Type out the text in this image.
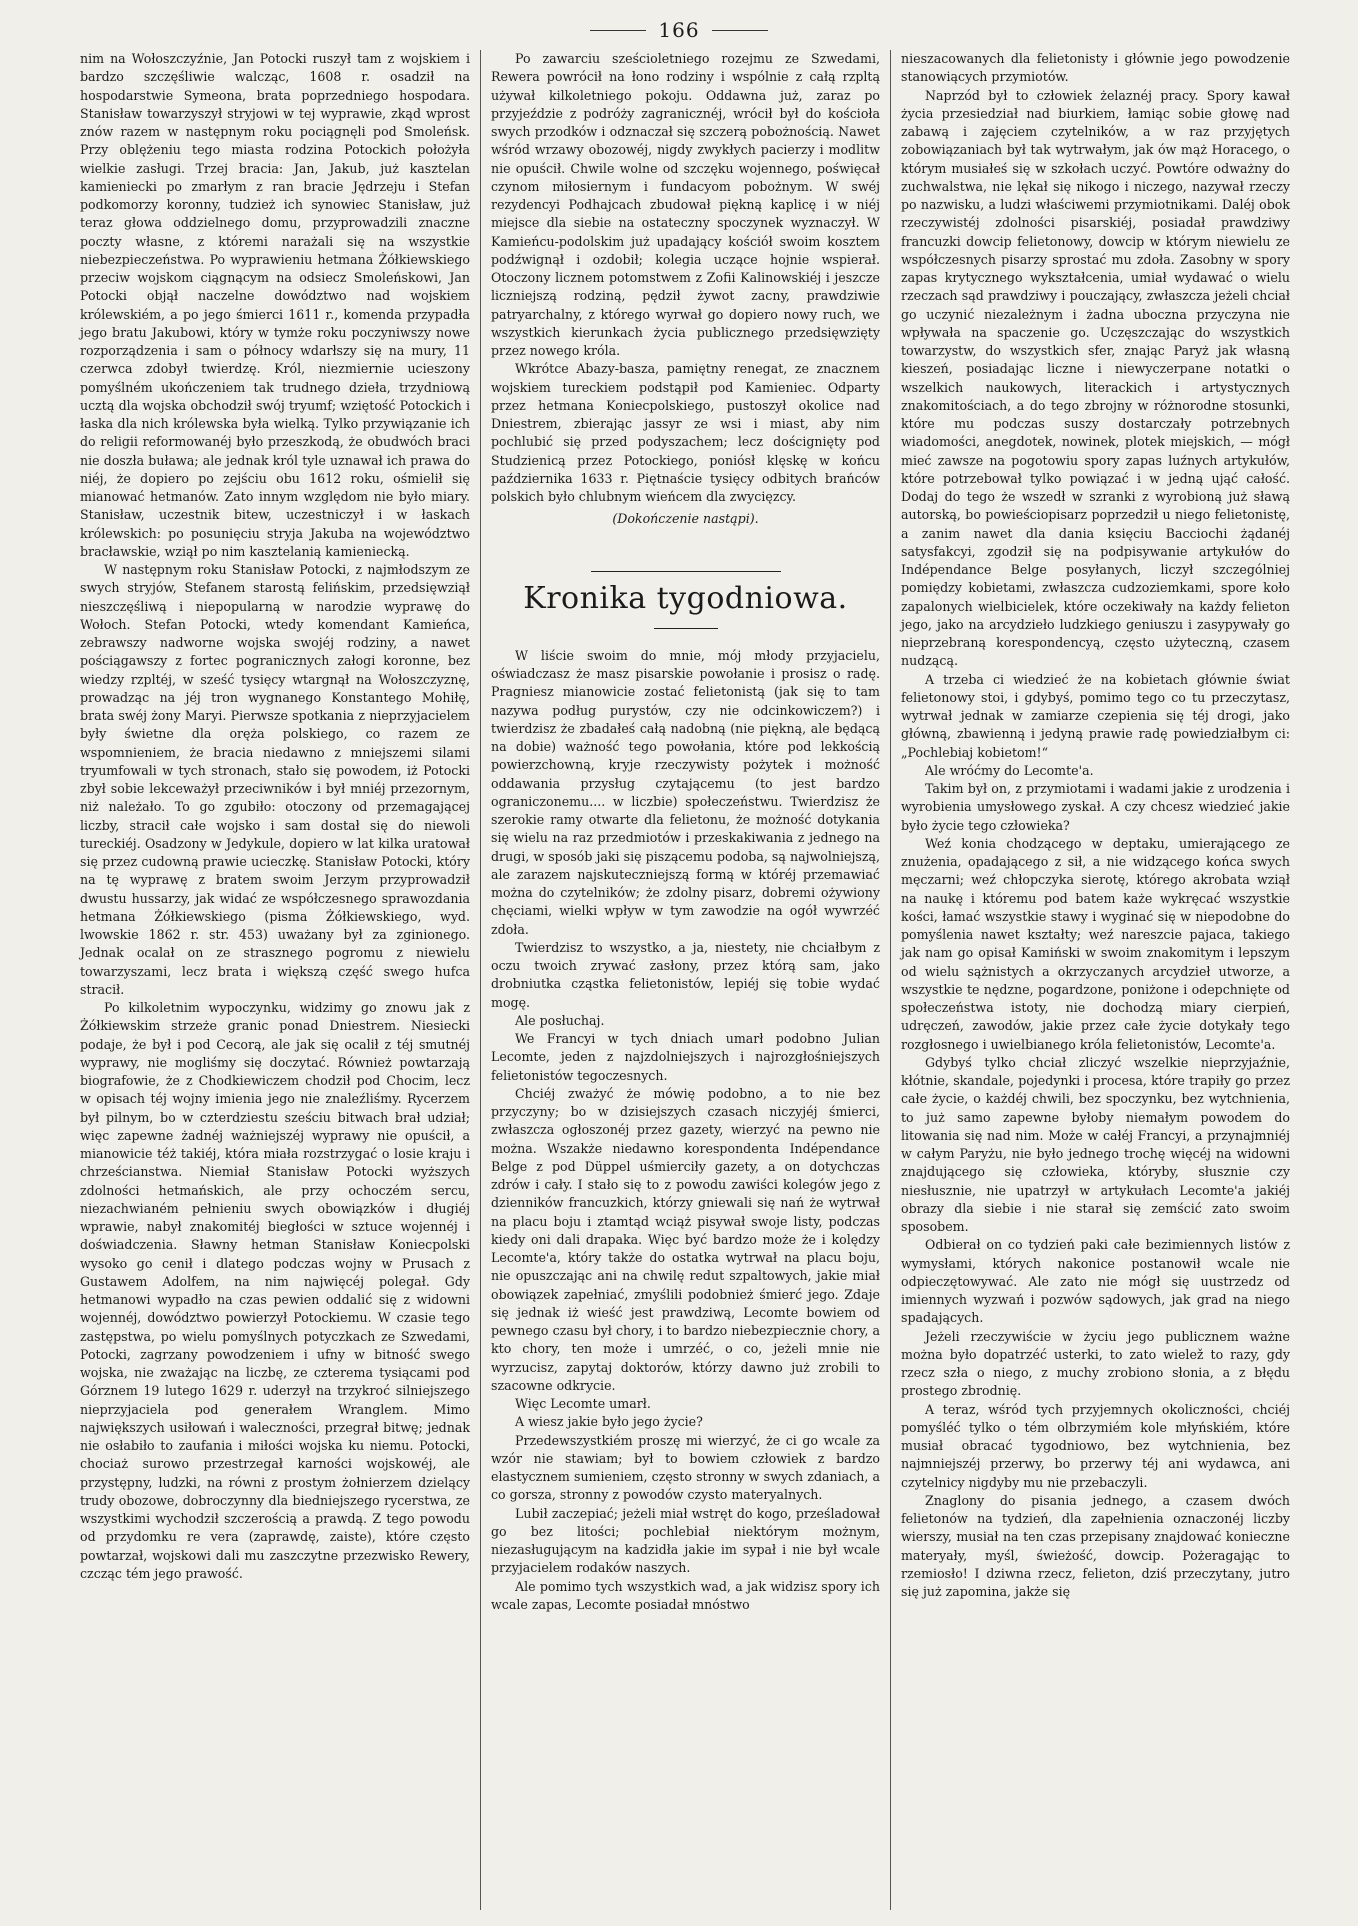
166

nim na Wołoszczyźnie, Jan Potocki ruszył tam z wojskiem i bardzo szczęśliwie walcząc, 1608 r. osadził na hospodarstwie Symeona, brata poprzedniego hospodara. Stanisław towarzyszył stryjowi w tej wyprawie, zkąd wprost znów razem w następnym roku pociągnęli pod Smoleńsk. Przy oblężeniu tego miasta rodzina Potockich położyła wielkie zasługi. Trzej bracia: Jan, Jakub, już kasztelan kamieniecki po zmarłym z ran bracie Jędrzeju i Stefan podkomorzy koronny, tudzież ich synowiec Stanisław, już teraz głowa oddzielnego domu, przyprowadzili znaczne poczty własne, z któremi narażali się na wszystkie niebezpieczeństwa. Po wyprawieniu hetmana Żółkiewskiego przeciw wojskom ciągnącym na odsiecz Smoleńskowi, Jan Potocki objął naczelne dowództwo nad wojskiem królewskiém, a po jego śmierci 1611 r., komenda przypadła jego bratu Jakubowi, który w tymże roku poczyniwszy nowe rozporządzenia i sam o północy wdarłszy się na mury, 11 czerwca zdobył twierdzę. Król, niezmiernie ucieszony pomyślném ukończeniem tak trudnego dzieła, trzydniową ucztą dla wojska obchodził swój tryumf; wziętość Potockich i łaska dla nich królewska była wielką. Tylko przywiązanie ich do religii reformowanéj było przeszkodą, że obudwóch braci nie doszła buława; ale jednak król tyle uznawał ich prawa do niéj, że dopiero po zejściu obu 1612 roku, ośmielił się mianować hetmanów. Zato innym względom nie było miary. Stanisław, uczestnik bitew, uczestniczył i w łaskach królewskich: po posunięciu stryja Jakuba na województwo bracławskie, wziął po nim kasztelanią kamieniecką.

W następnym roku Stanisław Potocki, z najmłodszym ze swych stryjów, Stefanem starostą felińskim, przedsięwziął nieszczęśliwą i niepopularną w narodzie wyprawę do Wołoch. Stefan Potocki, wtedy komendant Kamieńca, zebrawszy nadworne wojska swojéj rodziny, a nawet pościągawszy z fortec pogranicznych załogi koronne, bez wiedzy rzpltéj, w sześć tysięcy wtargnął na Wołoszczyznę, prowadząc na jéj tron wygnanego Konstantego Mohiłę, brata swéj żony Maryi. Pierwsze spotkania z nieprzyjacielem były świetne dla oręża polskiego, co razem ze wspomnieniem, że bracia niedawno z mniejszemi silami tryumfowali w tych stronach, stało się powodem, iż Potocki zbył sobie lekceważył przeciwników i był mniéj przezornym, niż należało. To go zgubiło: otoczony od przemagającej liczby, stracił całe wojsko i sam dostał się do niewoli tureckiéj. Osadzony w Jedykule, dopiero w lat kilka uratował się przez cudowną prawie ucieczkę. Stanisław Potocki, który na tę wyprawę z bratem swoim Jerzym przyprowadził dwustu hussarzy, jak widać ze współczesnego sprawozdania hetmana Żółkiewskiego (pisma Żółkiewskiego, wyd. lwowskie 1862 r. str. 453) uważany był za zginionego. Jednak ocalał on ze strasznego pogromu z niewielu towarzyszami, lecz brata i większą część swego hufca stracił.

Po kilkoletnim wypoczynku, widzimy go znowu jak z Żółkiewskim strzeże granic ponad Dniestrem. Niesiecki podaje, że był i pod Cecorą, ale jak się ocalił z téj smutnéj wyprawy, nie mogliśmy się doczytać. Również powtarzają biografowie, że z Chodkiewiczem chodził pod Chocim, lecz w opisach téj wojny imienia jego nie znaleźliśmy. Rycerzem był pilnym, bo w czterdziestu sześciu bitwach brał udział; więc zapewne żadnéj ważniejszéj wyprawy nie opuścił, a mianowicie téż takiéj, która miała rozstrzygać o losie kraju i chrześcianstwa. Niemiał Stanisław Potocki wyższych zdolności hetmańskich, ale przy ochoczém sercu, niezachwianém pełnieniu swych obowiązków i długiéj wprawie, nabył znakomitéj biegłości w sztuce wojennéj i doświadczenia. Sławny hetman Stanisław Koniecpolski wysoko go cenił i dlatego podczas wojny w Prusach z Gustawem Adolfem, na nim najwięcéj polegał. Gdy hetmanowi wypadło na czas pewien oddalić się z widowni wojennéj, dowództwo powierzył Potockiemu. W czasie tego zastępstwa, po wielu pomyślnych potyczkach ze Szwedami, Potocki, zagrzany powodzeniem i ufny w bitność swego wojska, nie zważając na liczbę, ze czterema tysiącami pod Górznem 19 lutego 1629 r. uderzył na trzykroć silniejszego nieprzyjaciela pod generałem Wranglem. Mimo największych usiłowań i waleczności, przegrał bitwę; jednak nie osłabiło to zaufania i miłości wojska ku niemu. Potocki, chociaż surowo przestrzegał karności wojskowéj, ale przystępny, ludzki, na równi z prostym żołnierzem dzielący trudy obozowe, dobroczynny dla biedniejszego rycerstwa, ze wszystkimi wychodził szczerością a prawdą. Z tego powodu od przydomku re vera (zaprawdę, zaiste), które często powtarzał, wojskowi dali mu zaszczytne przezwisko Rewery, czcząc tém jego prawość.

Po zawarciu sześcioletniego rozejmu ze Szwedami, Rewera powrócił na łono rodziny i wspólnie z całą rzpltą używał kilkoletniego pokoju. Oddawna już, zaraz po przyjeździe z podróży zagranicznéj, wrócił był do kościoła swych przodków i odznaczał się szczerą pobożnością. Nawet wśród wrzawy obozowéj, nigdy zwykłych pacierzy i modlitw nie opuścił. Chwile wolne od szczęku wojennego, poświęcał czynom miłosiernym i fundacyom pobożnym. W swéj rezydencyi Podhajcach zbudował piękną kaplicę i w niéj miejsce dla siebie na ostateczny spoczynek wyznaczył. W Kamieńcu-podolskim już upadający kościół swoim kosztem podźwignął i ozdobił; kolegia uczące hojnie wspierał. Otoczony licznem potomstwem z Zofii Kalinowskiéj i jeszcze liczniejszą rodziną, pędził żywot zacny, prawdziwie patryarchalny, z którego wyrwał go dopiero nowy ruch, we wszystkich kierunkach życia publicznego przedsięwzięty przez nowego króla.

Wkrótce Abazy-basza, pamiętny renegat, ze znacznem wojskiem tureckiem podstąpił pod Kamieniec. Odparty przez hetmana Koniecpolskiego, pustoszył okolice nad Dniestrem, zbierając jassyr ze wsi i miast, aby nim pochlubić się przed podyszachem; lecz doścignięty pod Studzienicą przez Potockiego, poniósł klęskę w końcu października 1633 r. Piętnaście tysięcy odbitych brańców polskich było chlubnym wieńcem dla zwycięzcy.

(Dokończenie nastąpi).

Kronika tygodniowa.

W liście swoim do mnie, mój młody przyjacielu, oświadczasz że masz pisarskie powołanie i prosisz o radę. Pragniesz mianowicie zostać felietonistą (jak się to tam nazywa podług purystów, czy nie odcinkowiczem?) i twierdzisz że zbadałeś całą nadobną (nie piękną, ale będącą na dobie) ważność tego powołania, które pod lekkością powierzchowną, kryje rzeczywisty pożytek i możność oddawania przysług czytającemu (to jest bardzo ograniczonemu.... w liczbie) społeczeństwu. Twierdzisz że szerokie ramy otwarte dla felietonu, że możność dotykania się wielu na raz przedmiotów i przeskakiwania z jednego na drugi, w sposób jaki się piszącemu podoba, są najwolniejszą, ale zarazem najskuteczniejszą formą w któréj przemawiać można do czytelników; że zdolny pisarz, dobremi ożywiony chęciami, wielki wpływ w tym zawodzie na ogół wywrzéć zdoła.

Twierdzisz to wszystko, a ja, niestety, nie chciałbym z oczu twoich zrywać zasłony, przez którą sam, jako drobniutka cząstka felietonistów, lepiéj się tobie wydać mogę.

Ale posłuchaj.

We Francyi w tych dniach umarł podobno Julian Lecomte, jeden z najzdolniejszych i najrozgłośniejszych felietonistów tegoczesnych.

Chciéj zważyć że mówię podobno, a to nie bez przyczyny; bo w dzisiejszych czasach niczyjéj śmierci, zwłaszcza ogłoszonéj przez gazety, wierzyć na pewno nie można. Wszakże niedawno korespondenta Indépendance Belge z pod Düppel uśmierciły gazety, a on dotychczas zdrów i cały. I stało się to z powodu zawiści kolegów jego z dzienników francuzkich, którzy gniewali się nań że wytrwał na placu boju i ztamtąd wciąż pisywał swoje listy, podczas kiedy oni dali drapaka. Więc być bardzo może że i kolędzy Lecomte'a, który także do ostatka wytrwał na placu boju, nie opuszczając ani na chwilę redut szpaltowych, jakie miał obowiązek zapełniać, zmyślili podobnież śmierć jego. Zdaje się jednak iż wieść jest prawdziwą, Lecomte bowiem od pewnego czasu był chory, i to bardzo niebezpiecznie chory, a kto chory, ten może i umrzéć, o co, jeżeli mnie nie wyrzucisz, zapytaj doktorów, którzy dawno już zrobili to szacowne odkrycie.

Więc Lecomte umarł.

A wiesz jakie było jego życie?

Przedewszystkiém proszę mi wierzyć, że ci go wcale za wzór nie stawiam; był to bowiem człowiek z bardzo elastycznem sumieniem, często stronny w swych zdaniach, a co gorsza, stronny z powodów czysto materyalnych.

Lubił zaczepiać; jeżeli miał wstręt do kogo, prześladował go bez litości; pochlebiał niektórym możnym, niezasługującym na kadzidła jakie im sypał i nie był wcale przyjacielem rodaków naszych.

Ale pomimo tych wszystkich wad, a jak widzisz spory ich wcale zapas, Lecomte posiadał mnóstwo

nieszacowanych dla felietonisty i głównie jego powodzenie stanowiących przymiotów.

Naprzód był to człowiek żelaznéj pracy. Spory kawał życia przesiedział nad biurkiem, łamiąc sobie głowę nad zabawą i zajęciem czytelników, a w raz przyjętych zobowiązaniach był tak wytrwałym, jak ów mąż Horacego, o którym musiałeś się w szkołach uczyć. Powtóre odważny do zuchwalstwa, nie lękał się nikogo i niczego, nazywał rzeczy po nazwisku, a ludzi właściwemi przymiotnikami. Daléj obok rzeczywistéj zdolności pisarskiéj, posiadał prawdziwy francuzki dowcip felietonowy, dowcip w którym niewielu ze współczesnych pisarzy sprostać mu zdoła. Zasobny w spory zapas krytycznego wykształcenia, umiał wydawać o wielu rzeczach sąd prawdziwy i pouczający, zwłaszcza jeżeli chciał go uczynić niezależnym i żadna uboczna przyczyna nie wpływała na spaczenie go. Uczęszczając do wszystkich towarzystw, do wszystkich sfer, znając Paryż jak własną kieszeń, posiadając liczne i niewyczerpane notatki o wszelkich naukowych, literackich i artystycznych znakomitościach, a do tego zbrojny w różnorodne stosunki, które mu podczas suszy dostarczały potrzebnych wiadomości, anegdotek, nowinek, plotek miejskich, — mógł mieć zawsze na pogotowiu spory zapas luźnych artykułów, które potrzebował tylko powiązać i w jedną ująć całość. Dodaj do tego że wszedł w szranki z wyrobioną już sławą autorską, bo powieściopisarz poprzedził u niego felietonistę, a zanim nawet dla dania księciu Bacciochi żądanéj satysfakcyi, zgodził się na podpisywanie artykułów do Indépendance Belge posyłanych, liczył szczególniej pomiędzy kobietami, zwłaszcza cudzoziemkami, spore koło zapalonych wielbicielek, które oczekiwały na każdy felieton jego, jako na arcydzieło ludzkiego geniuszu i zasypywały go nieprzebraną korespondencyą, często użyteczną, czasem nudzącą.

A trzeba ci wiedzieć że na kobietach głównie świat felietonowy stoi, i gdybyś, pomimo tego co tu przeczytasz, wytrwał jednak w zamiarze czepienia się téj drogi, jako główną, zbawienną i jedyną prawie radę powiedziałbym ci: „Pochlebiaj kobietom!“

Ale wróćmy do Lecomte'a.

Takim był on, z przymiotami i wadami jakie z urodzenia i wyrobienia umysłowego zyskał. A czy chcesz wiedzieć jakie było życie tego człowieka?

Weź konia chodzącego w deptaku, umierającego ze znużenia, opadającego z sił, a nie widzącego końca swych męczarni; weź chłopczyka sierotę, którego akrobata wziął na naukę i któremu pod batem każe wykręcać wszystkie kości, łamać wszystkie stawy i wyginać się w niepodobne do pomyślenia nawet kształty; weź nareszcie pajaca, takiego jak nam go opisał Kamiński w swoim znakomitym i lepszym od wielu sążnistych a okrzyczanych arcydzieł utworze, a wszystkie te nędzne, pogardzone, poniżone i odepchnięte od społeczeństwa istoty, nie dochodzą miary cierpień, udręczeń, zawodów, jakie przez całe życie dotykały tego rozgłosnego i uwielbianego króla felietonistów, Lecomte'a.

Gdybyś tylko chciał zliczyć wszelkie nieprzyjaźnie, kłótnie, skandale, pojedynki i procesa, które trapiły go przez całe życie, o każdéj chwili, bez spoczynku, bez wytchnienia, to już samo zapewne byłoby niemałym powodem do litowania się nad nim. Może w całéj Francyi, a przynajmniéj w całym Paryżu, nie było jednego trochę więcéj na widowni znajdującego się człowieka, któryby, słusznie czy niesłusznie, nie upatrzył w artykułach Lecomte'a jakiéj obrazy dla siebie i nie starał się zemścić zato swoim sposobem.

Odbierał on co tydzień paki całe bezimiennych listów z wymysłami, których nakonice postanowił wcale nie odpieczętowywać. Ale zato nie mógł się uustrzedz od imiennych wyzwań i pozwów sądowych, jak grad na niego spadających.

Jeżeli rzeczywiście w życiu jego publicznem ważne można było dopatrzéć usterki, to zato wielež to razy, gdy rzecz szła o niego, z muchy zrobiono słonia, a z błędu prostego zbrodnię.

A teraz, wśród tych przyjemnych okoliczności, chciéj pomyśléć tylko o tém olbrzymiém kole młyńskiém, które musiał obracać tygodniowo, bez wytchnienia, bez najmniejszéj przerwy, bo przerwy téj ani wydawca, ani czytelnicy nigdyby mu nie przebaczyli.

Znaglony do pisania jednego, a czasem dwóch felietonów na tydzień, dla zapełnienia oznaczonéj liczby wierszy, musiał na ten czas przepisany znajdować konieczne materyały, myśl, świeżość, dowcip. Pożeragając to rzemiosło! I dziwna rzecz, felieton, dziś przeczytany, jutro się już zapomina, jakże się
